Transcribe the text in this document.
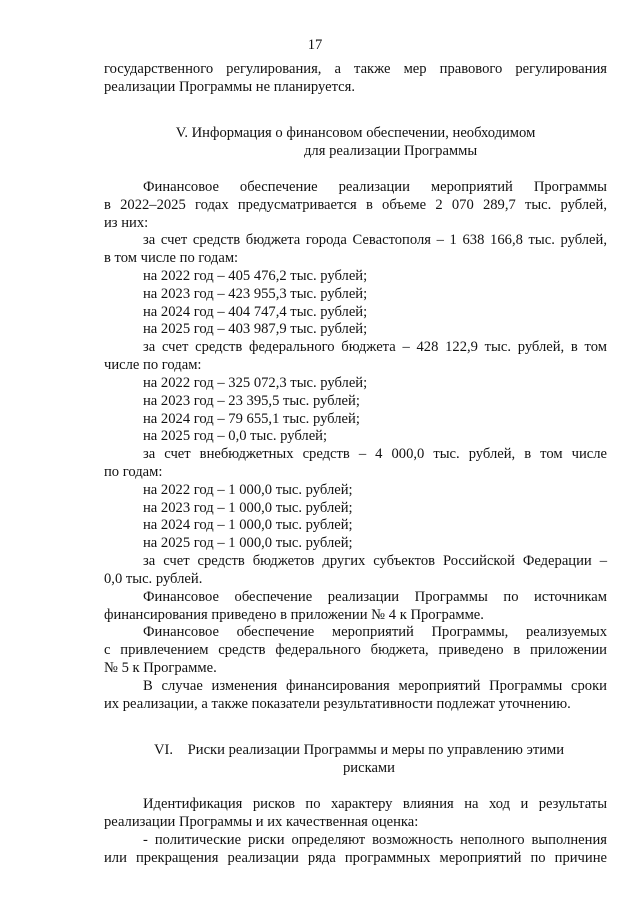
17
государственного регулирования, а также мер правового регулирования
реализации Программы не планируется.
V. Информация о финансовом обеспечении, необходимом
для реализации Программы
Финансовое обеспечение реализации мероприятий Программы
в 2022–2025 годах предусматривается в объеме 2 070 289,7 тыс. рублей,
из них:
за счет средств бюджета города Севастополя – 1 638 166,8 тыс. рублей,
в том числе по годам:
на 2022 год – 405 476,2 тыс. рублей;
на 2023 год – 423 955,3 тыс. рублей;
на 2024 год – 404 747,4 тыс. рублей;
на 2025 год – 403 987,9 тыс. рублей;
за счет средств федерального бюджета – 428 122,9 тыс. рублей, в том
числе по годам:
на 2022 год – 325 072,3 тыс. рублей;
на 2023 год – 23 395,5 тыс. рублей;
на 2024 год – 79 655,1 тыс. рублей;
на 2025 год – 0,0 тыс. рублей;
за счет внебюджетных средств – 4 000,0 тыс. рублей, в том числе
по годам:
на 2022 год – 1 000,0 тыс. рублей;
на 2023 год – 1 000,0 тыс. рублей;
на 2024 год – 1 000,0 тыс. рублей;
на 2025 год – 1 000,0 тыс. рублей;
за счет средств бюджетов других субъектов Российской Федерации –
0,0 тыс. рублей.
Финансовое обеспечение реализации Программы по источникам
финансирования приведено в приложении № 4 к Программе.
Финансовое обеспечение мероприятий Программы, реализуемых
с привлечением средств федерального бюджета, приведено в приложении
№ 5 к Программе.
В случае изменения финансирования мероприятий Программы сроки
их реализации, а также показатели результативности подлежат уточнению.
VI.    Риски реализации Программы и меры по управлению этими
рисками
Идентификация рисков по характеру влияния на ход и результаты
реализации Программы и их качественная оценка:
- политические риски определяют возможность неполного выполнения
или прекращения реализации ряда программных мероприятий по причине
